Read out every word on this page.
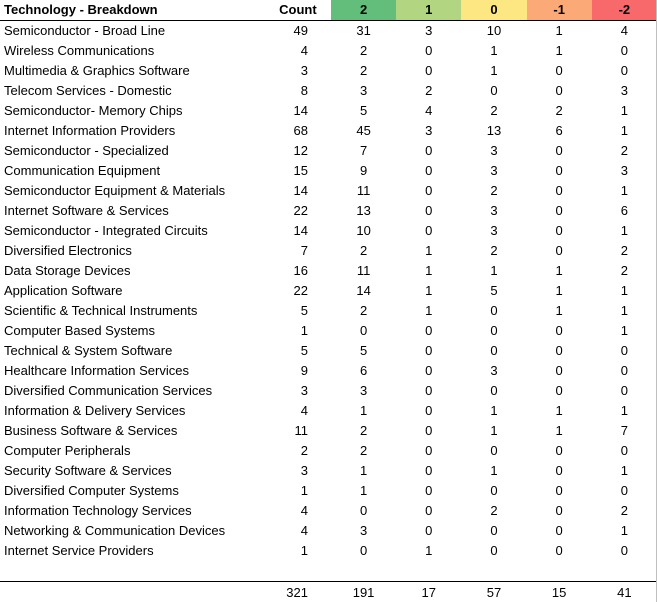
Technology - Breakdown	Count	2	1	0	-1	-2
Semiconductor - Broad Line	49	31	3	10	1	4
Wireless Communications	4	2	0	1	1	0
Multimedia & Graphics Software	3	2	0	1	0	0
Telecom Services - Domestic	8	3	2	0	0	3
Semiconductor- Memory Chips	14	5	4	2	2	1
Internet Information Providers	68	45	3	13	6	1
Semiconductor - Specialized	12	7	0	3	0	2
Communication Equipment	15	9	0	3	0	3
Semiconductor Equipment & Materials	14	11	0	2	0	1
Internet Software & Services	22	13	0	3	0	6
Semiconductor - Integrated Circuits	14	10	0	3	0	1
Diversified Electronics	7	2	1	2	0	2
Data Storage Devices	16	11	1	1	1	2
Application Software	22	14	1	5	1	1
Scientific & Technical Instruments	5	2	1	0	1	1
Computer Based Systems	1	0	0	0	0	1
Technical & System Software	5	5	0	0	0	0
Healthcare Information Services	9	6	0	3	0	0
Diversified Communication Services	3	3	0	0	0	0
Information & Delivery Services	4	1	0	1	1	1
Business Software & Services	11	2	0	1	1	7
Computer Peripherals	2	2	0	0	0	0
Security Software & Services	3	1	0	1	0	1
Diversified Computer Systems	1	1	0	0	0	0
Information Technology Services	4	0	0	2	0	2
Networking & Communication Devices	4	3	0	0	0	1
Internet Service Providers	1	0	1	0	0	0

	321	191	17	57	15	41
